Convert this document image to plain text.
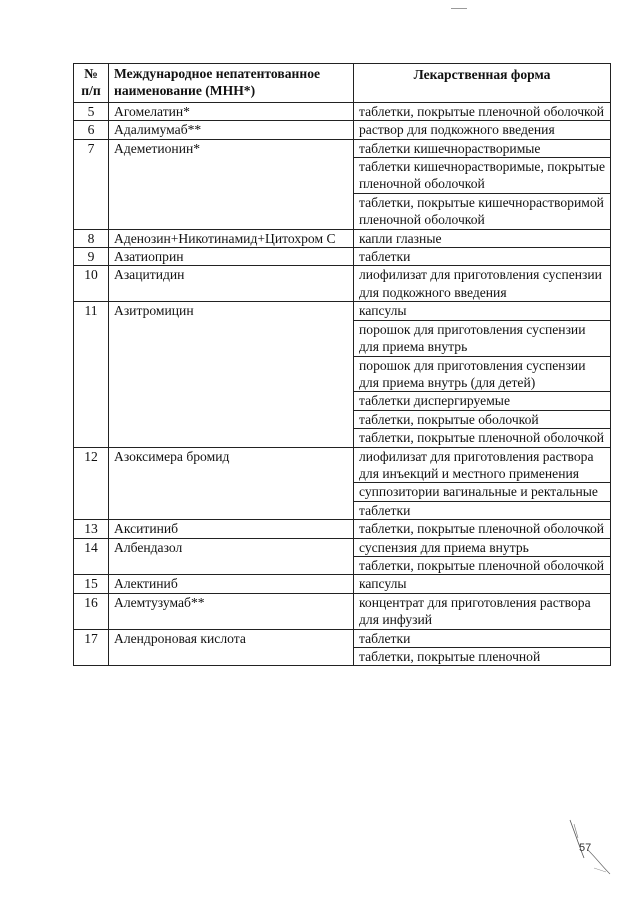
№ п/п	Международное непатентованное наименование (МНН*)	Лекарственная форма
5	Агомелатин*	таблетки, покрытые пленочной оболочкой
6	Адалимумаб**	раствор для подкожного введения
7	Адеметионин*	таблетки кишечнорастворимые
		таблетки кишечнорастворимые, покрытые пленочной оболочкой
		таблетки, покрытые кишечнорастворимой пленочной оболочкой
8	Аденозин+Никотинамид+Цитохром С	капли глазные
9	Азатиоприн	таблетки
10	Азацитидин	лиофилизат для приготовления суспензии для подкожного введения
11	Азитромицин	капсулы
		порошок для приготовления суспензии для приема внутрь
		порошок для приготовления суспензии для приема внутрь (для детей)
		таблетки диспергируемые
		таблетки, покрытые оболочкой
		таблетки, покрытые пленочной оболочкой
12	Азоксимера бромид	лиофилизат для приготовления раствора для инъекций и местного применения
		суппозитории вагинальные и ректальные
		таблетки
13	Акситиниб	таблетки, покрытые пленочной оболочкой
14	Албендазол	суспензия для приема внутрь
		таблетки, покрытые пленочной оболочкой
15	Алектиниб	капсулы
16	Алемтузумаб**	концентрат для приготовления раствора для инфузий
17	Алендроновая кислота	таблетки
		таблетки, покрытые пленочной
57
